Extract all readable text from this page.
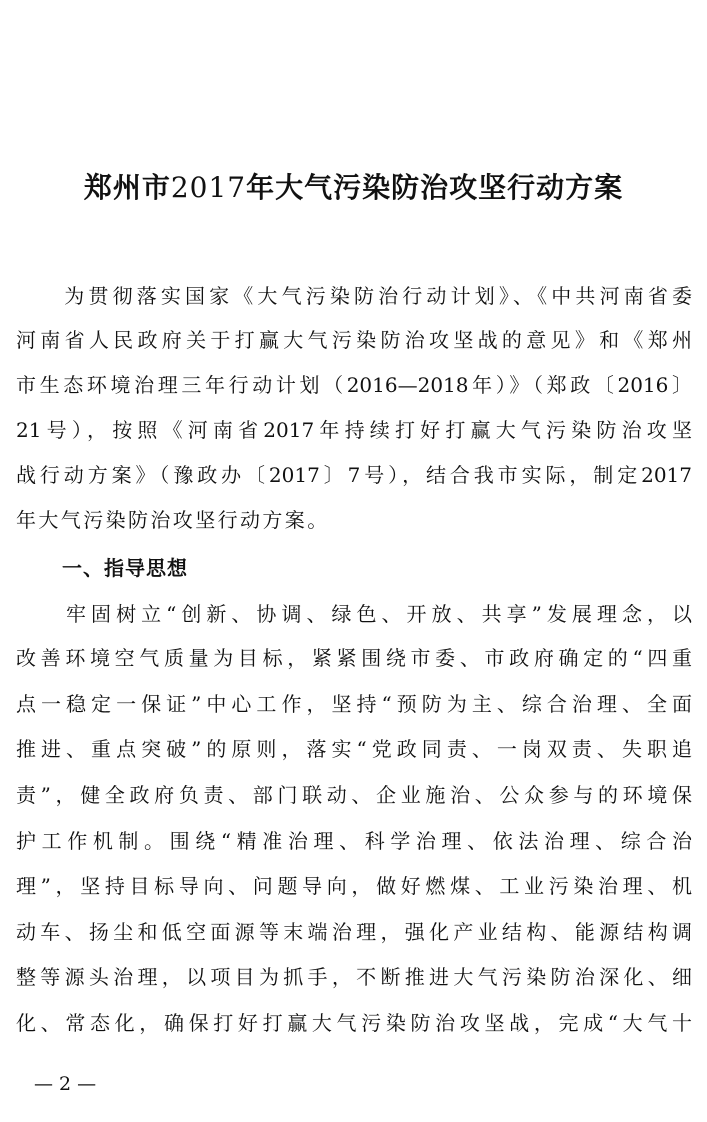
郑州市2017年大气污染防治攻坚行动方案
　　为贯彻落实国家《大气污染防治行动计划》、《中共河南省委
河南省人民政府关于打赢大气污染防治攻坚战的意见》和《郑州
市生态环境治理三年行动计划（2016—2018年）》（郑政〔2016〕
21号），按照《河南省2017年持续打好打赢大气污染防治攻坚
战行动方案》（豫政办〔2017〕7号），结合我市实际，制定2017
年大气污染防治攻坚行动方案。
一、指导思想
　　牢固树立“创新、协调、绿色、开放、共享”发展理念，以
改善环境空气质量为目标，紧紧围绕市委、市政府确定的“四重
点一稳定一保证”中心工作，坚持“预防为主、综合治理、全面
推进、重点突破”的原则，落实“党政同责、一岗双责、失职追
责”，健全政府负责、部门联动、企业施治、公众参与的环境保
护工作机制。围绕“精准治理、科学治理、依法治理、综合治
理”，坚持目标导向、问题导向，做好燃煤、工业污染治理、机
动车、扬尘和低空面源等末端治理，强化产业结构、能源结构调
整等源头治理，以项目为抓手，不断推进大气污染防治深化、细
化、常态化，确保打好打赢大气污染防治攻坚战，完成“大气十
— 2 —
